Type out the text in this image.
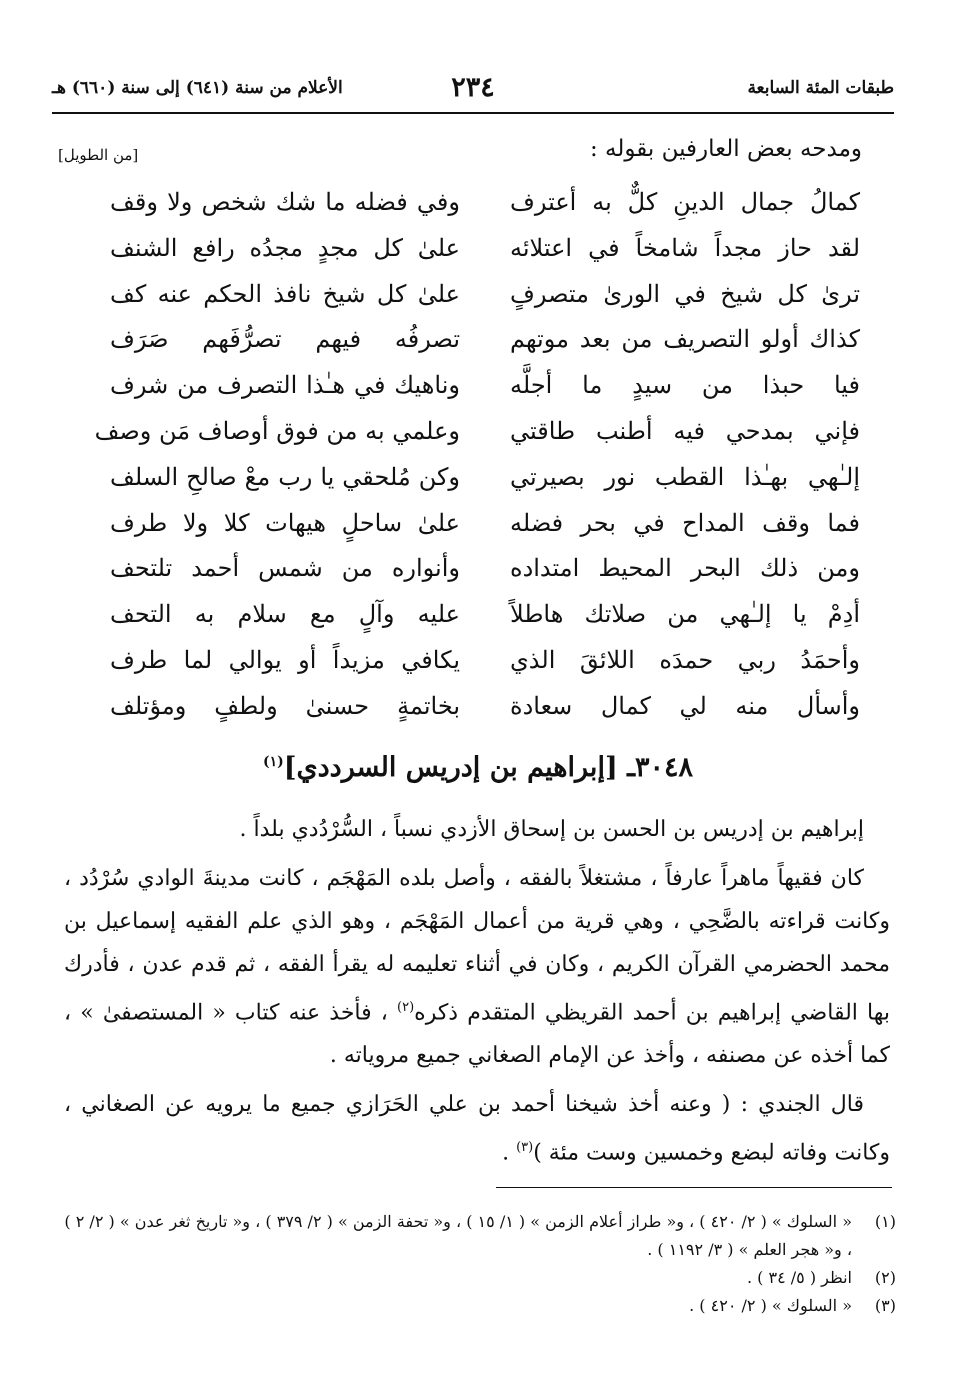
طبقات المئة السابعة
٢٣٤
الأعلام من سنة (٦٤١) إلى سنة (٦٦٠) هـ
ومدحه بعض العارفين بقوله :
[من الطويل]
كمالُ جمال الدينِ كلٌّ به أعترف
وفي فضله ما شك شخص ولا وقف
لقد حاز مجداً شامخاً في اعتلائه
علىٰ كل مجدٍ مجدُه رافع الشنف
ترىٰ كل شيخ في الورىٰ متصرفٍ
علىٰ كل شيخ نافذ الحكم عنه كف
كذاك أولو التصريف من بعد موتهم
تصرفُه فيهم تصرُّفَهم صَرَف
فيا حبذا من سيدٍ ما أجلَّه
وناهيك في هـٰذا التصرف من شرف
فإني بمدحي فيه أطنب طاقتي
وعلمي به من فوق أوصاف مَن وصف
إلـٰهي بهـٰذا القطب نور بصيرتي
وكن مُلحقي يا رب معْ صالحِ السلف
فما وقف المداح في بحر فضله
علىٰ ساحلٍ هيهات كلا ولا طرف
ومن ذلك البحر المحيط امتداده
وأنواره من شمس أحمد تلتحف
أدِمْ يا إلـٰهي من صلاتك هاطلاً
عليه وآلٍ مع سلام به التحف
وأحمَدُ ربي حمدَه اللائقَ الذي
يكافي مزيداً أو يوالي لما طرف
وأسأل منه لي كمال سعادة
بخاتمةٍ حسنىٰ ولطفٍ ومؤتلف
٣٠٤٨ـ [إبراهيم بن إدريس السرددي]$^{(١)}$

إبراهيم بن إدريس بن الحسن بن إسحاق الأزدي نسباً ، السُّرْدُدي بلداً .

كان فقيهاً ماهراً عارفاً ، مشتغلاً بالفقه ، وأصل بلده المَهْجَم ، كانت مدينةَ الوادي سُرْدُد ، وكانت قراءته بالضَّحِي ، وهي قرية من أعمال المَهْجَم ، وهو الذي علم الفقيه إسماعيل بن محمد الحضرمي القرآن الكريم ، وكان في أثناء تعليمه له يقرأ الفقه ، ثم قدم عدن ، فأدرك بها القاضي إبراهيم بن أحمد القريظي المتقدم ذكره$^{(٢)}$ ، فأخذ عنه كتاب « المستصفىٰ » ، كما أخذه عن مصنفه ، وأخذ عن الإمام الصغاني جميع مروياته .

قال الجندي : ( وعنه أخذ شيخنا أحمد بن علي الحَرَازي جميع ما يرويه عن الصغاني ، وكانت وفاته لبضع وخمسين وست مئة )$^{(٣)}$ .

(١)
« السلوك » ( ٢/ ٤٢٠ ) ، و« طراز أعلام الزمن » ( ١/ ١٥ ) ، و« تحفة الزمن » ( ٢/ ٣٧٩ ) ، و« تاريخ ثغر عدن » ( ٢/ ٢ ) ، و« هجر العلم » ( ٣/ ١١٩٢ ) .

(٢)
انظر ( ٥/ ٣٤ ) .

(٣)
« السلوك » ( ٢/ ٤٢٠ ) .
